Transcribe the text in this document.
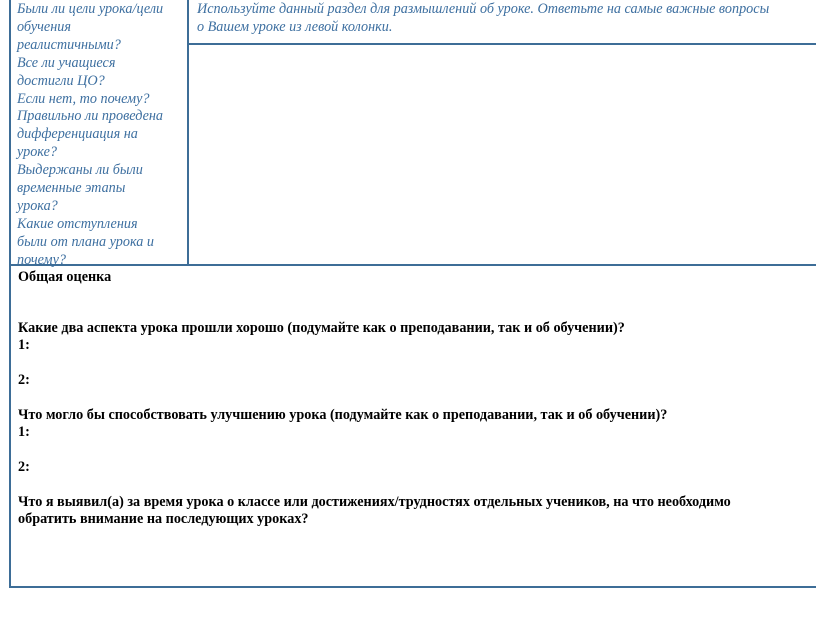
Были ли цели урока/цели
обучения
реалистичными?
Все ли учащиеся
достигли ЦО?
Если нет, то почему?
Правильно ли проведена
дифференциация на
уроке?
Выдержаны ли были
временные этапы
урока?
Какие отступления
были от плана урока и
почему?

Используйте данный раздел для размышлений об уроке. Ответьте на самые важные вопросы
о Вашем уроке из левой колонки.

Общая оценка

Какие два аспекта урока прошли хорошо (подумайте как о преподавании, так и об обучении)?

1:

2:

Что могло бы способствовать улучшению урока (подумайте как о преподавании, так и об обучении)?

1:

2:

Что я выявил(а) за время урока о классе или достижениях/трудностях отдельных учеников, на что необходимо

обратить внимание на последующих уроках?
